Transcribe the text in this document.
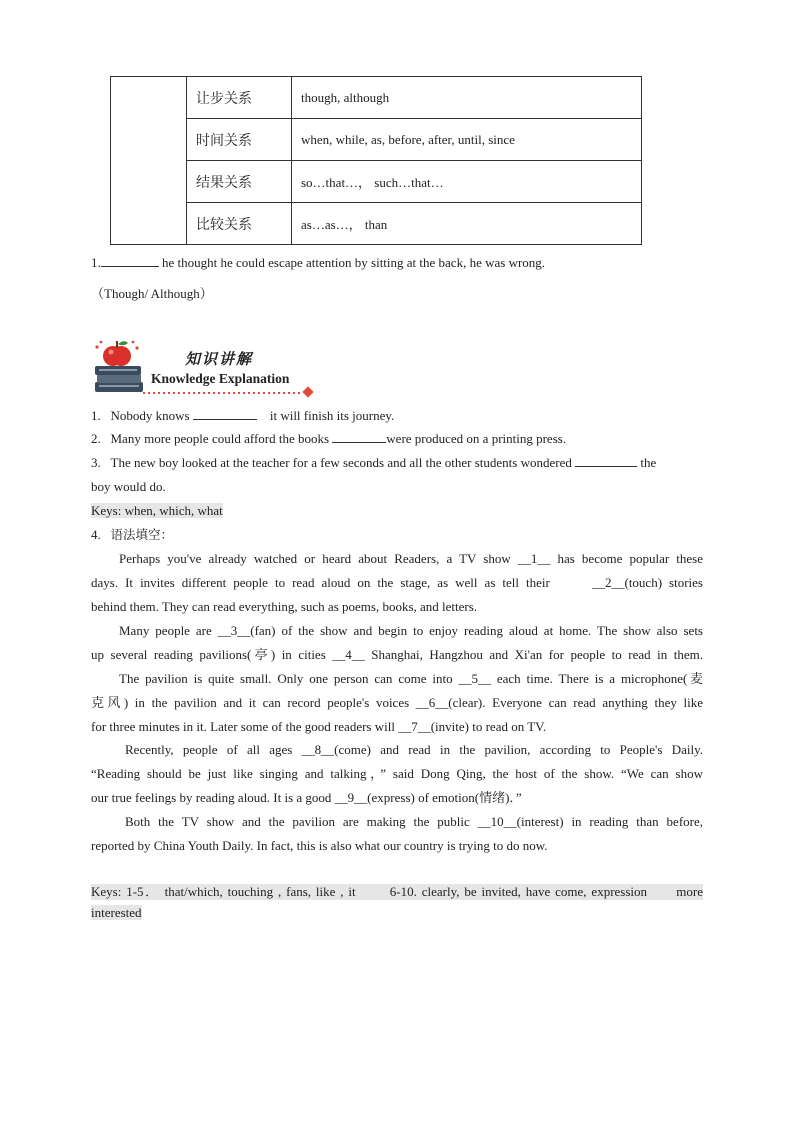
	让步关系	though, although
	时间关系	when, while, as, before, after, until, since
	结果关系	so…that…， such…that…
	比较关系	as…as…， than
1.	he thought he could escape attention by sitting at the back, he was wrong.
（Though/ Although）
知识讲解
Knowledge Explanation
1. Nobody knows	it will finish its journey.
2. Many more people could afford the books	were produced on a printing press.
3. The new boy looked at the teacher for a few seconds and all the other students wondered	the
boy would do.
Keys: when, which, what
4. 语法填空：
Perhaps you've already watched or heard about Readers, a TV show __1__ has become popular these
days. It invites different people to read aloud on the stage, as well as tell their      __2__(touch) stories
behind them. They can read everything, such as poems, books, and letters.
Many people are __3__(fan) of the show and begin to enjoy reading aloud at home. The show also sets
up several reading pavilions(亭) in cities __4__ Shanghai, Hangzhou and Xi'an for people to read in them.
The pavilion is quite small. Only one person can come into __5__ each time. There is a microphone(麦
克风) in the pavilion and it can record people's voices __6__(clear). Everyone can read anything they like
for three minutes in it. Later some of the good readers will __7__(invite) to read on TV.
Recently, people of all ages __8__(come) and read in the pavilion, according to People's Daily.
“Reading should be just like singing and talking，” said Dong Qing, the host of the show. “We can show
our true feelings by reading aloud. It is a good __9__(express) of emotion(情绪)．”
Both the TV show and the pavilion are making the public __10__(interest) in reading than before,
reported by China Youth Daily. In fact, this is also what our country is trying to do now.
Keys: 1-5． that/which, touching , fans, like , it       6-10. clearly, be invited, have come, expression      more
interested
